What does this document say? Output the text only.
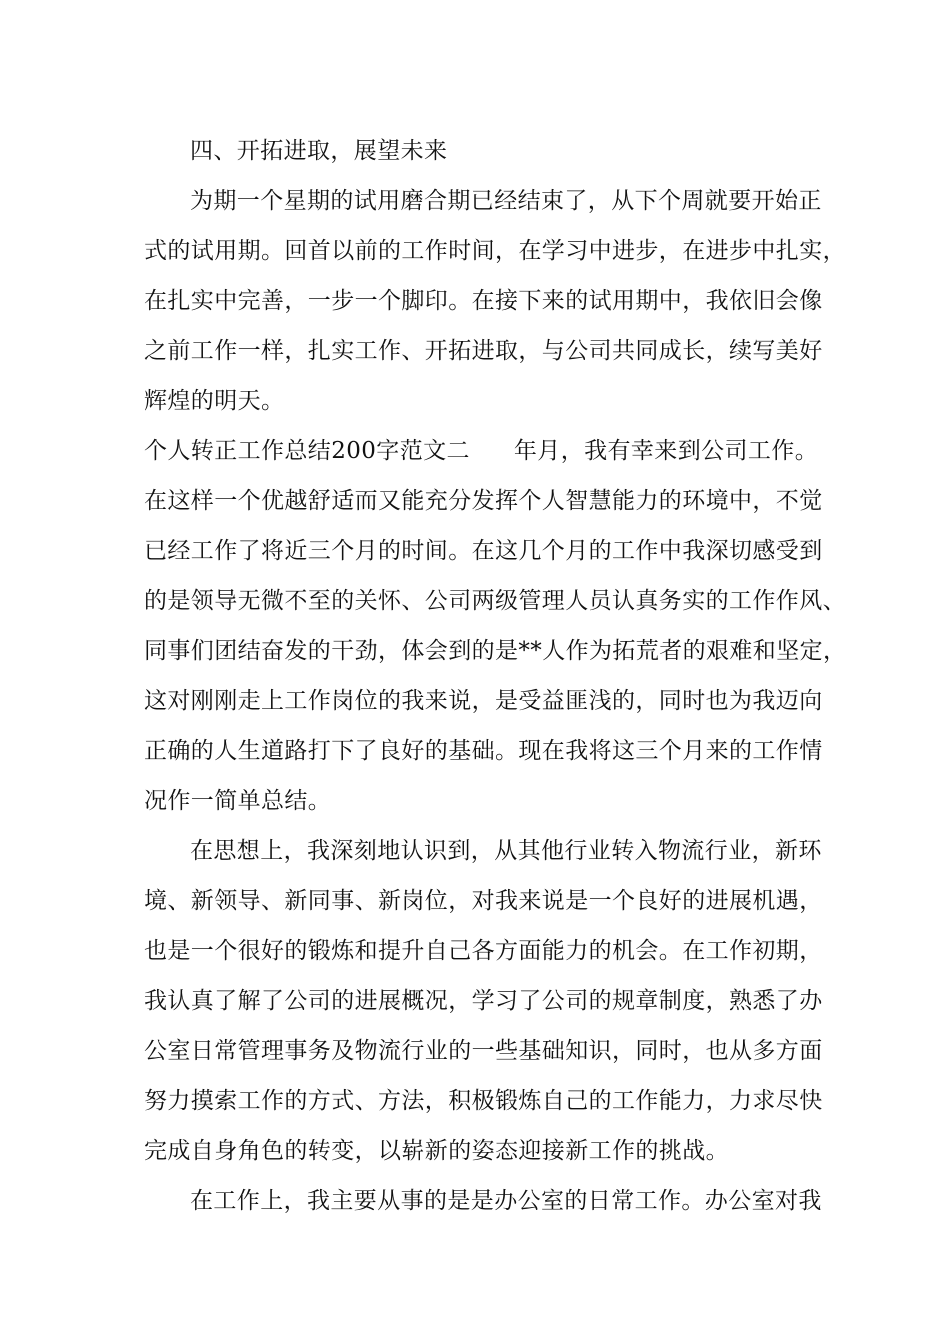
四、开拓进取，展望未来
为期一个星期的试用磨合期已经结束了，从下个周就要开始正
式的试用期。回首以前的工作时间，在学习中进步，在进步中扎实，
在扎实中完善，一步一个脚印。在接下来的试用期中，我依旧会像
之前工作一样，扎实工作、开拓进取，与公司共同成长，续写美好
辉煌的明天。
个人转正工作总结200字范文二 年月，我有幸来到公司工作。
在这样一个优越舒适而又能充分发挥个人智慧能力的环境中，不觉
已经工作了将近三个月的时间。在这几个月的工作中我深切感受到
的是领导无微不至的关怀、公司两级管理人员认真务实的工作作风、
同事们团结奋发的干劲，体会到的是**人作为拓荒者的艰难和坚定，
这对刚刚走上工作岗位的我来说，是受益匪浅的，同时也为我迈向
正确的人生道路打下了良好的基础。现在我将这三个月来的工作情
况作一简单总结。
在思想上，我深刻地认识到，从其他行业转入物流行业，新环
境、新领导、新同事、新岗位，对我来说是一个良好的进展机遇，
也是一个很好的锻炼和提升自己各方面能力的机会。在工作初期，
我认真了解了公司的进展概况，学习了公司的规章制度，熟悉了办
公室日常管理事务及物流行业的一些基础知识，同时，也从多方面
努力摸索工作的方式、方法，积极锻炼自己的工作能力，力求尽快
完成自身角色的转变，以崭新的姿态迎接新工作的挑战。
在工作上，我主要从事的是是办公室的日常工作。办公室对我
